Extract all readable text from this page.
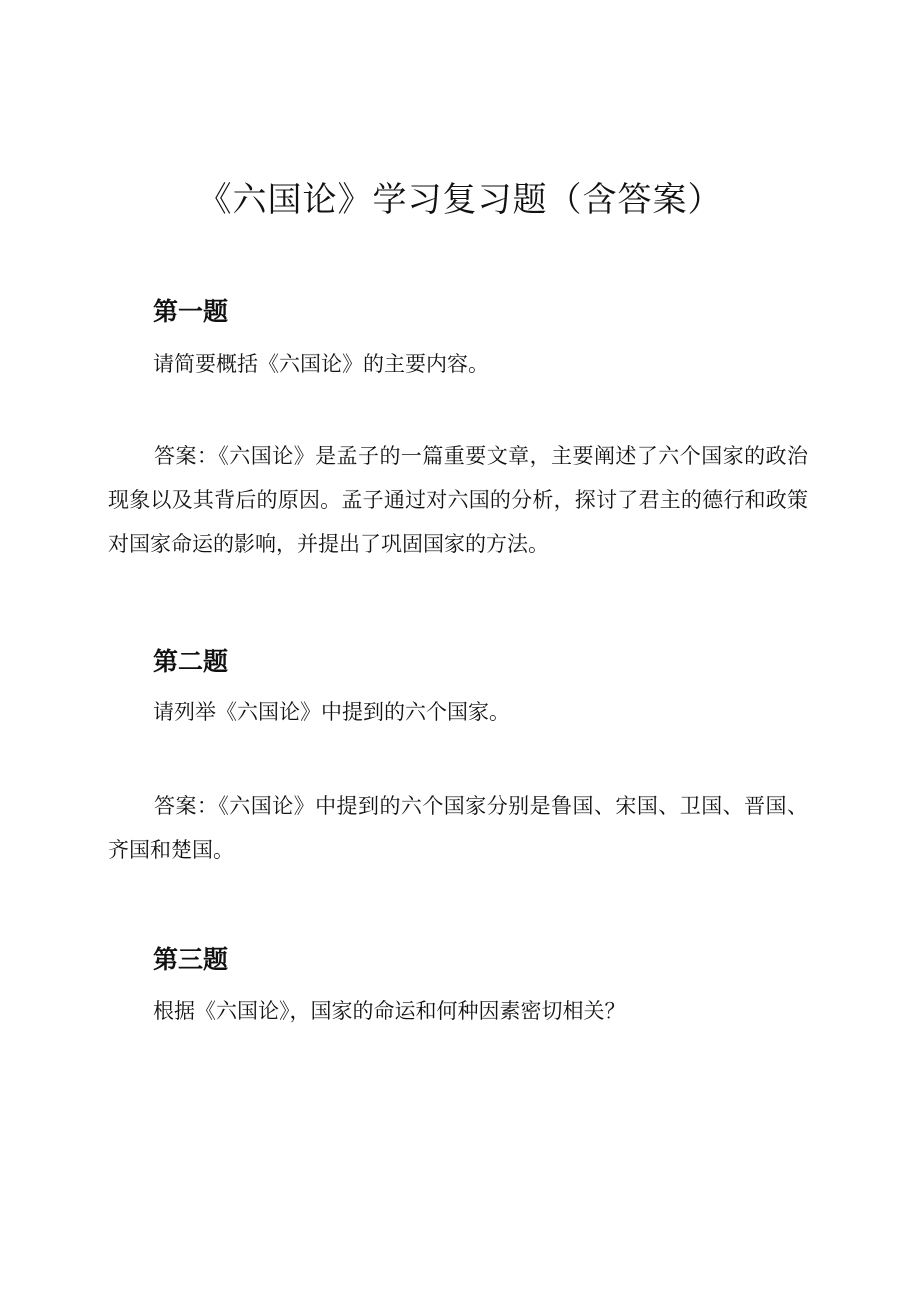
《六国论》学习复习题（含答案）
第一题
请简要概括《六国论》的主要内容。
答案：《六国论》是孟子的一篇重要文章，主要阐述了六个国家的政治现象以及其背后的原因。孟子通过对六国的分析，探讨了君主的德行和政策对国家命运的影响，并提出了巩固国家的方法。
第二题
请列举《六国论》中提到的六个国家。
答案：《六国论》中提到的六个国家分别是鲁国、宋国、卫国、晋国、齐国和楚国。
第三题
根据《六国论》，国家的命运和何种因素密切相关？
